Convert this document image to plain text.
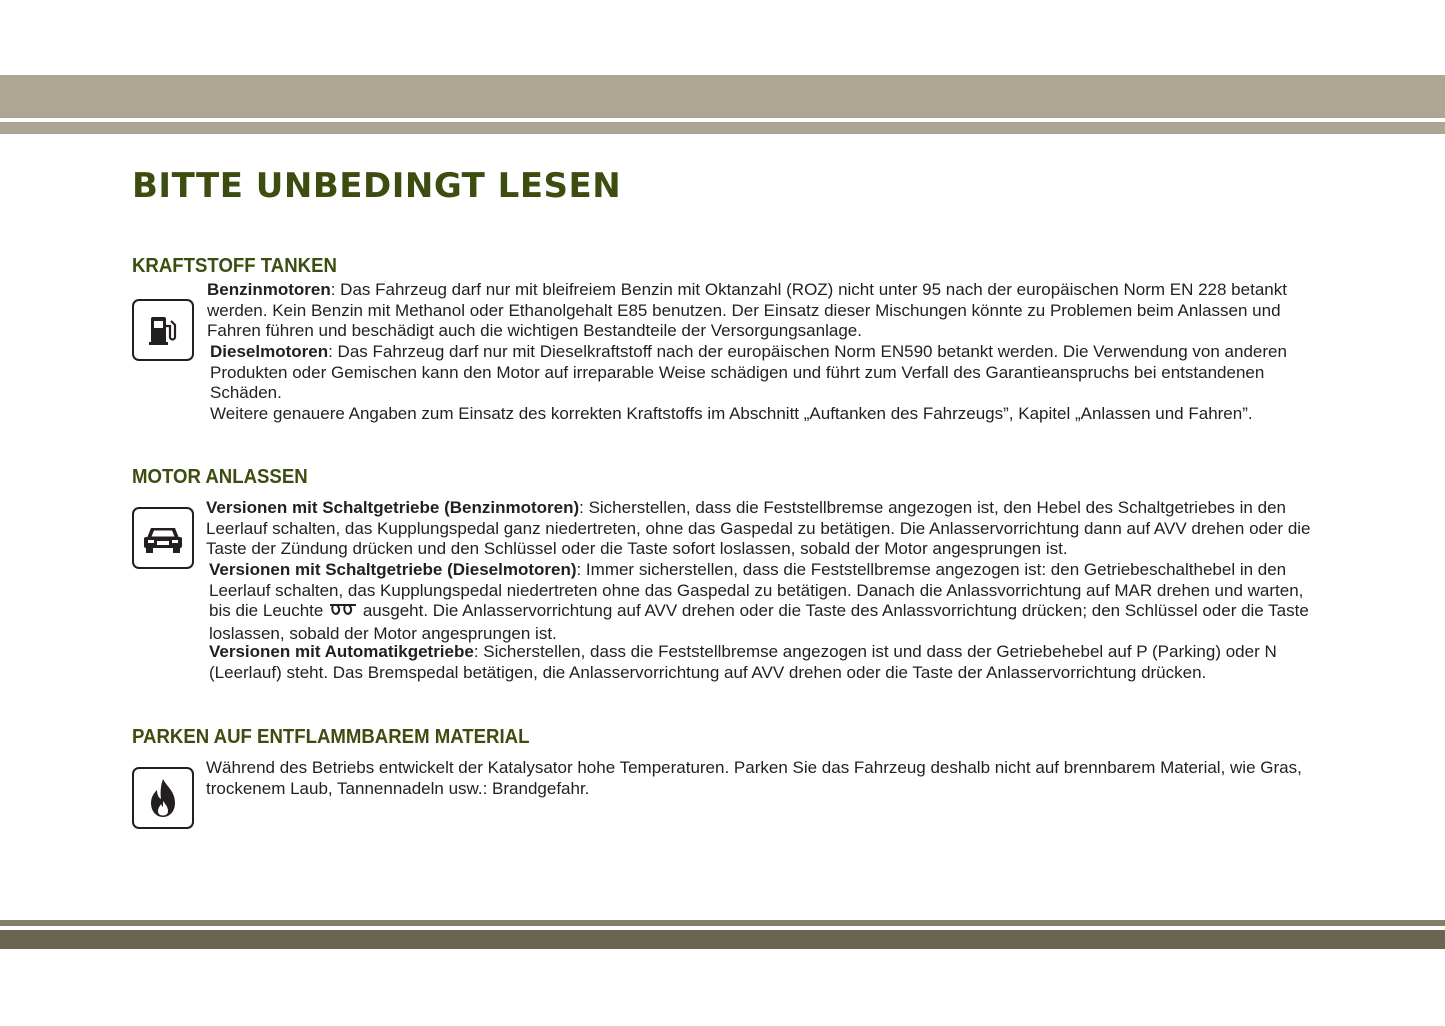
BITTE UNBEDINGT LESEN
KRAFTSTOFF TANKEN

Benzinmotoren: Das Fahrzeug darf nur mit bleifreiem Benzin mit Oktanzahl (ROZ) nicht unter 95 nach der europäischen Norm EN 228 betankt werden. Kein Benzin mit Methanol oder Ethanolgehalt E85 benutzen. Der Einsatz dieser Mischungen könnte zu Problemen beim Anlassen und Fahren führen und beschädigt auch die wichtigen Bestandteile der Versorgungsanlage.

Dieselmotoren: Das Fahrzeug darf nur mit Dieselkraftstoff nach der europäischen Norm EN590 betankt werden. Die Verwendung von anderen Produkten oder Gemischen kann den Motor auf irreparable Weise schädigen und führt zum Verfall des Garantieanspruchs bei entstandenen Schäden.

Weitere genauere Angaben zum Einsatz des korrekten Kraftstoffs im Abschnitt „Auftanken des Fahrzeugs”, Kapitel „Anlassen und Fahren”.

MOTOR ANLASSEN

Versionen mit Schaltgetriebe (Benzinmotoren): Sicherstellen, dass die Feststellbremse angezogen ist, den Hebel des Schaltgetriebes in den Leerlauf schalten, das Kupplungspedal ganz niedertreten, ohne das Gaspedal zu betätigen. Die Anlasservorrichtung dann auf AVV drehen oder die Taste der Zündung drücken und den Schlüssel oder die Taste sofort loslassen, sobald der Motor angesprungen ist.

Versionen mit Schaltgetriebe (Dieselmotoren): Immer sicherstellen, dass die Feststellbremse angezogen ist: den Getriebeschalthebel in den Leerlauf schalten, das Kupplungspedal niedertreten ohne das Gaspedal zu betätigen. Danach die Anlassvorrichtung auf MAR drehen und warten, bis die Leuchte ausgeht. Die Anlasservorrichtung auf AVV drehen oder die Taste des Anlassvorrichtung drücken; den Schlüssel oder die Taste loslassen, sobald der Motor angesprungen ist.

Versionen mit Automatikgetriebe: Sicherstellen, dass die Feststellbremse angezogen ist und dass der Getriebehebel auf P (Parking) oder N (Leerlauf) steht. Das Bremspedal betätigen, die Anlasservorrichtung auf AVV drehen oder die Taste der Anlasservorrichtung drücken.

PARKEN AUF ENTFLAMMBAREM MATERIAL

Während des Betriebs entwickelt der Katalysator hohe Temperaturen. Parken Sie das Fahrzeug deshalb nicht auf brennbarem Material, wie Gras, trockenem Laub, Tannennadeln usw.: Brandgefahr.
